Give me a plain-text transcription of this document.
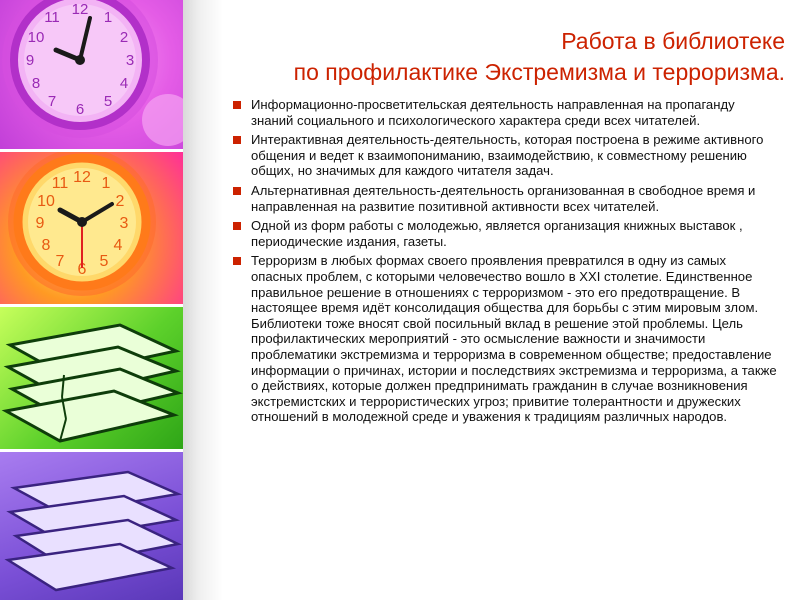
12 1
2
3
4
5
6
7
8
9
10
11
12 1
2
3
4
5
6
7
8
9
10
11
Работа в библиотеке
по профилактике Экстремизма и терроризма.
Информационно-просветительская деятельность направленная на пропаганду знаний социального и психологического характера среди всех читателей.
Интерактивная деятельность-деятельность, которая построена в режиме активного общения и ведет к взаимопониманию, взаимодействию, к совместному решению общих, но значимых для каждого читателя задач.
Альтернативная деятельность-деятельность организованная в свободное время и направленная на развитие позитивной активности всех читателей.
Одной из форм работы с молодежью, является организация книжных выставок , периодические издания, газеты.
Терроризм в любых формах своего проявления превратился в одну из самых опасных проблем, с которыми человечество вошло в XXI столетие. Единственное правильное решение в отношениях с терроризмом - это его предотвращение. В настоящее время идёт консолидация общества для борьбы с этим мировым злом. Библиотеки тоже вносят свой посильный вклад в решение этой проблемы. Цель профилактических мероприятий - это осмысление важности и значимости проблематики экстремизма и терроризма в современном обществе; предоставление информации о причинах, истории и последствиях экстремизма и терроризма, а также о действиях, которые должен предпринимать гражданин в случае возникновения экстремистских и террористических угроз; привитие толерантности и дружеских отношений в молодежной среде и уважения к традициям различных народов.
